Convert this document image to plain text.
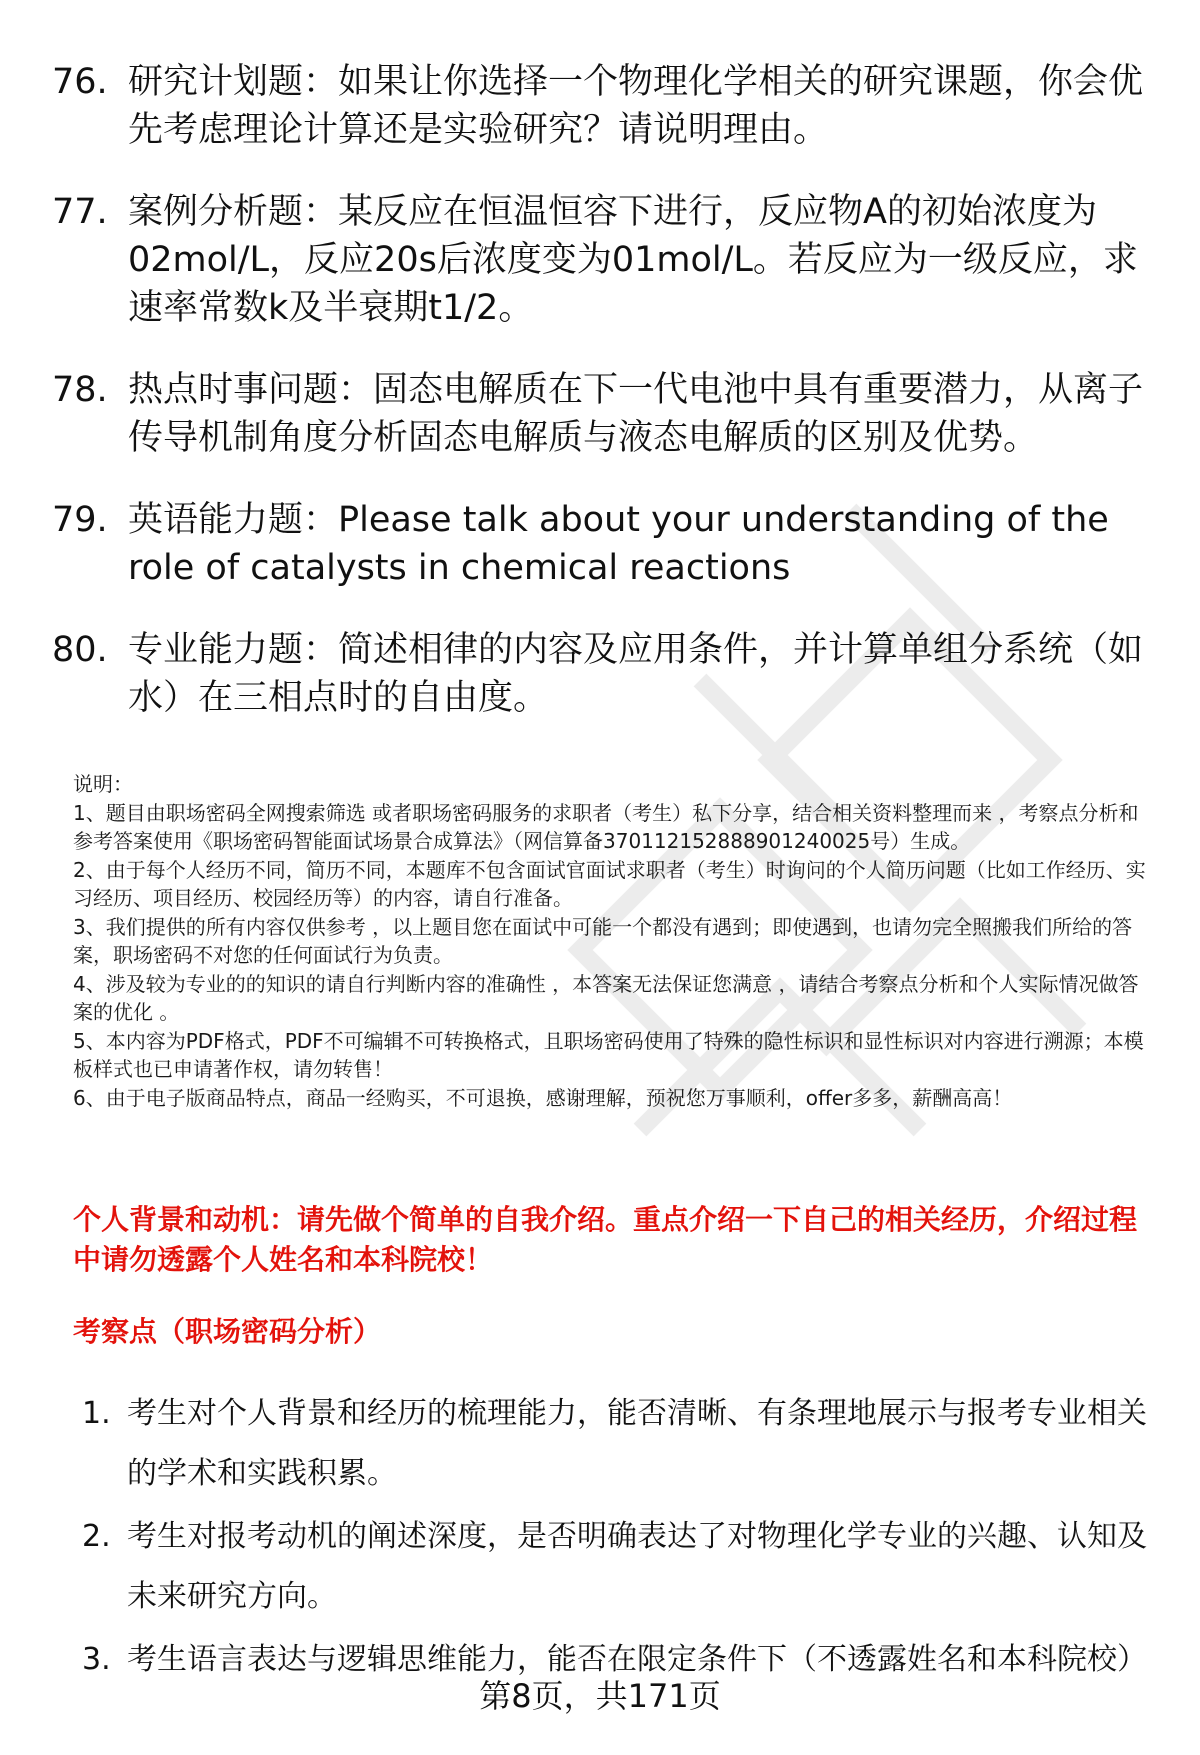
76. 研究计划题：如果让你选择一个物理化学相关的研究课题，你会优先考虑理论计算还是实验研究？请说明理由。
77. 案例分析题：某反应在恒温恒容下进行，反应物A的初始浓度为02mol/L，反应20s后浓度变为01mol/L。若反应为一级反应，求速率常数k及半衰期t1/2。
78. 热点时事问题：固态电解质在下一代电池中具有重要潜力，从离子传导机制角度分析固态电解质与液态电解质的区别及优势。
79. 英语能力题：Please talk about your understanding of the role of catalysts in chemical reactions
80. 专业能力题：简述相律的内容及应用条件，并计算单组分系统（如水）在三相点时的自由度。

说明：

1、题目由职场密码全网搜索筛选 或者职场密码服务的求职者（考生）私下分享，结合相关资料整理而来 ，考察点分析和参考答案使用《职场密码智能面试场景合成算法》（网信算备370112152888901240025号）生成。

2、由于每个人经历不同，简历不同，本题库不包含面试官面试求职者（考生）时询问的个人简历问题（比如工作经历、实习经历、项目经历、校园经历等）的内容，请自行准备。

3、我们提供的所有内容仅供参考 ，以上题目您在面试中可能一个都没有遇到；即使遇到，也请勿完全照搬我们所给的答案，职场密码不对您的任何面试行为负责。

4、涉及较为专业的的知识的请自行判断内容的准确性 ，本答案无法保证您满意 ，请结合考察点分析和个人实际情况做答案的优化 。

5、本内容为PDF格式，PDF不可编辑不可转换格式，且职场密码使用了特殊的隐性标识和显性标识对内容进行溯源；本模板样式也已申请著作权，请勿转售！

6、由于电子版商品特点，商品一经购买，不可退换，感谢理解，预祝您万事顺利，offer多多，薪酬高高！

个人背景和动机：请先做个简单的自我介绍。重点介绍一下自己的相关经历，介绍过程中请勿透露个人姓名和本科院校！
考察点（职场密码分析）
1. 考生对个人背景和经历的梳理能力，能否清晰、有条理地展示与报考专业相关的学术和实践积累。
2. 考生对报考动机的阐述深度，是否明确表达了对物理化学专业的兴趣、认知及未来研究方向。
3. 考生语言表达与逻辑思维能力，能否在限定条件下（不透露姓名和本科院校）
第8页，共171页
